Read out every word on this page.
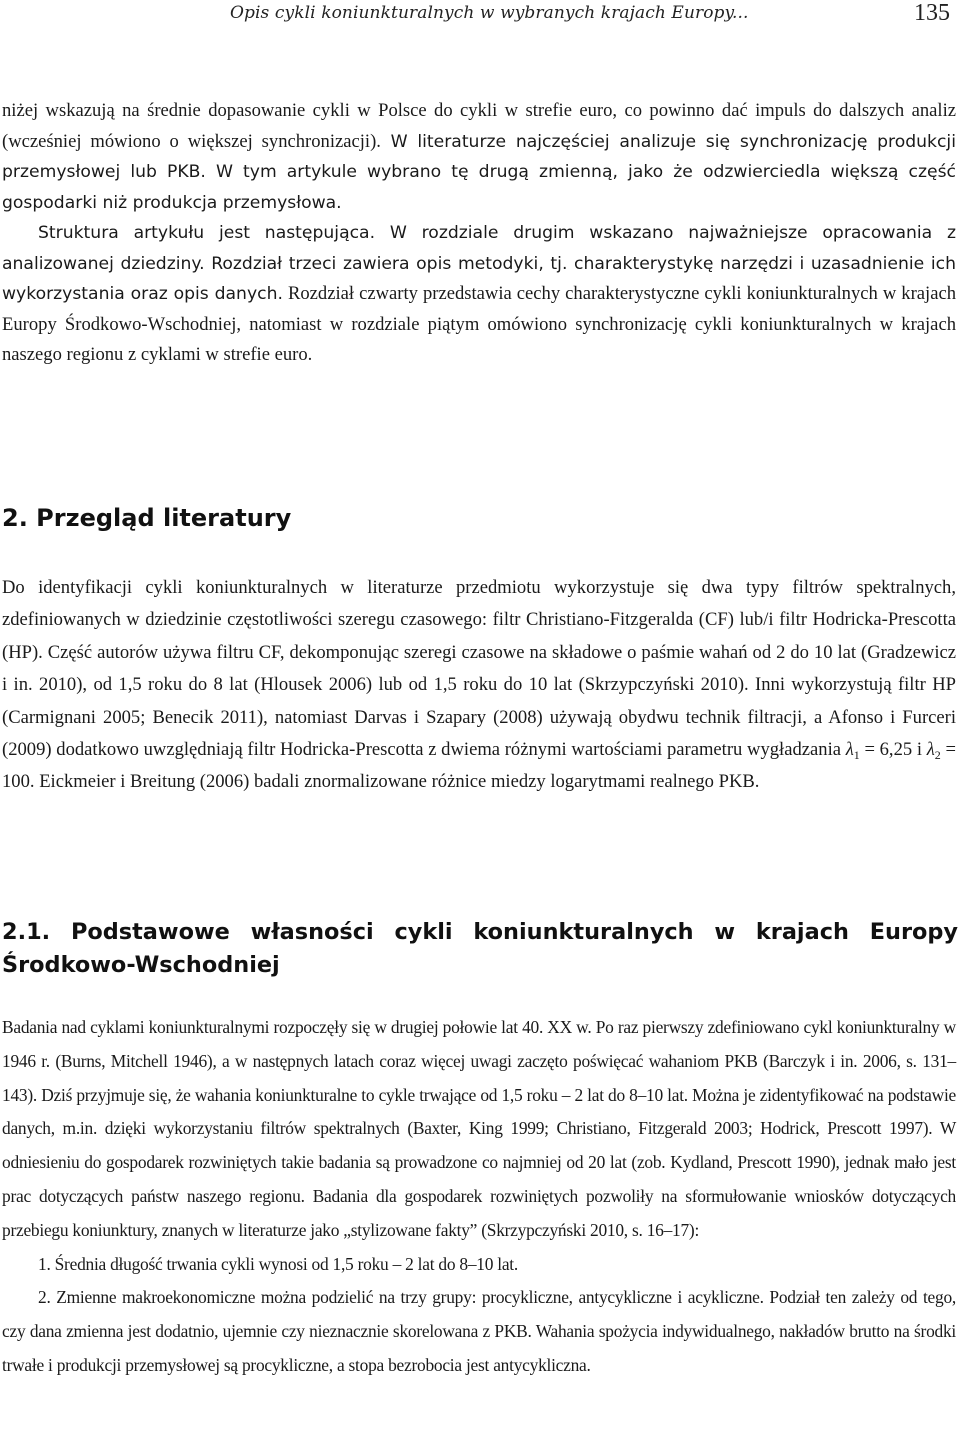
Opis cykli koniunkturalnych w wybranych krajach Europy...	135

niżej wskazują na średnie dopasowanie cykli w Polsce do cykli w strefie euro, co powinno dać impuls do dalszych analiz (wcześniej mówiono o większej synchronizacji). W literaturze najczęściej analizuje się synchronizację produkcji przemysłowej lub PKB. W tym artykule wybrano tę drugą zmienną, jako że odzwierciedla większą część gospodarki niż produkcja przemysłowa.
Struktura artykułu jest następująca. W rozdziale drugim wskazano najważniejsze opracowania z analizowanej dziedziny. Rozdział trzeci zawiera opis metodyki, tj. charakterystykę narzędzi i uzasadnienie ich wykorzystania oraz opis danych. Rozdział czwarty przedstawia cechy charakterystyczne cykli koniunkturalnych w krajach Europy Środkowo-Wschodniej, natomiast w rozdziale piątym omówiono synchronizację cykli koniunkturalnych w krajach naszego regionu z cyklami w strefie euro.

2. Przegląd literatury

Do identyfikacji cykli koniunkturalnych w literaturze przedmiotu wykorzystuje się dwa typy filtrów spektralnych, zdefiniowanych w dziedzinie częstotliwości szeregu czasowego: filtr Christiano-Fitzgeralda (CF) lub/i filtr Hodricka-Prescotta (HP). Część autorów używa filtru CF, dekomponując szeregi czasowe na składowe o paśmie wahań od 2 do 10 lat (Gradzewicz i in. 2010), od 1,5 roku do 8 lat (Hlousek 2006) lub od 1,5 roku do 10 lat (Skrzypczyński 2010). Inni wykorzystują filtr HP (Carmignani 2005; Benecik 2011), natomiast Darvas i Szapary (2008) używają obydwu technik filtracji, a Afonso i Furceri (2009) dodatkowo uwzględniają filtr Hodricka-Prescotta z dwiema różnymi wartościami parametru wygładzania $\lambda_1 = 6,25$ i $\lambda_2 = 100$. Eickmeier i Breitung (2006) badali znormalizowane różnice miedzy logarytmami realnego PKB.

2.1. Podstawowe własności cykli koniunkturalnych w krajach Europy Środkowo-Wschodniej
Badania nad cyklami koniunkturalnymi rozpoczęły się w drugiej połowie lat 40. XX w. Po raz pierwszy zdefiniowano cykl koniunkturalny w 1946 r. (Burns, Mitchell 1946), a w następnych latach coraz więcej uwagi zaczęto poświęcać wahaniom PKB (Barczyk i in. 2006, s. 131–143). Dziś przyjmuje się, że wahania koniunkturalne to cykle trwające od 1,5 roku – 2 lat do 8–10 lat. Można je zidentyfikować na podstawie danych, m.in. dzięki wykorzystaniu filtrów spektralnych (Baxter, King 1999; Christiano, Fitzgerald 2003; Hodrick, Prescott 1997). W odniesieniu do gospodarek rozwiniętych takie badania są prowadzone co najmniej od 20 lat (zob. Kydland, Prescott 1990), jednak mało jest prac dotyczących państw naszego regionu. Badania dla gospodarek rozwiniętych pozwoliły na sformułowanie wniosków dotyczących przebiegu koniunktury, znanych w literaturze jako „stylizowane fakty” (Skrzypczyński 2010, s. 16–17):
1. Średnia długość trwania cykli wynosi od 1,5 roku – 2 lat do 8–10 lat.
2. Zmienne makroekonomiczne można podzielić na trzy grupy: procykliczne, antycykliczne i acykliczne. Podział ten zależy od tego, czy dana zmienna jest dodatnio, ujemnie czy nieznacznie skorelowana z PKB. Wahania spożycia indywidualnego, nakładów brutto na środki trwałe i produkcji przemysłowej są procykliczne, a stopa bezrobocia jest antycykliczna.
